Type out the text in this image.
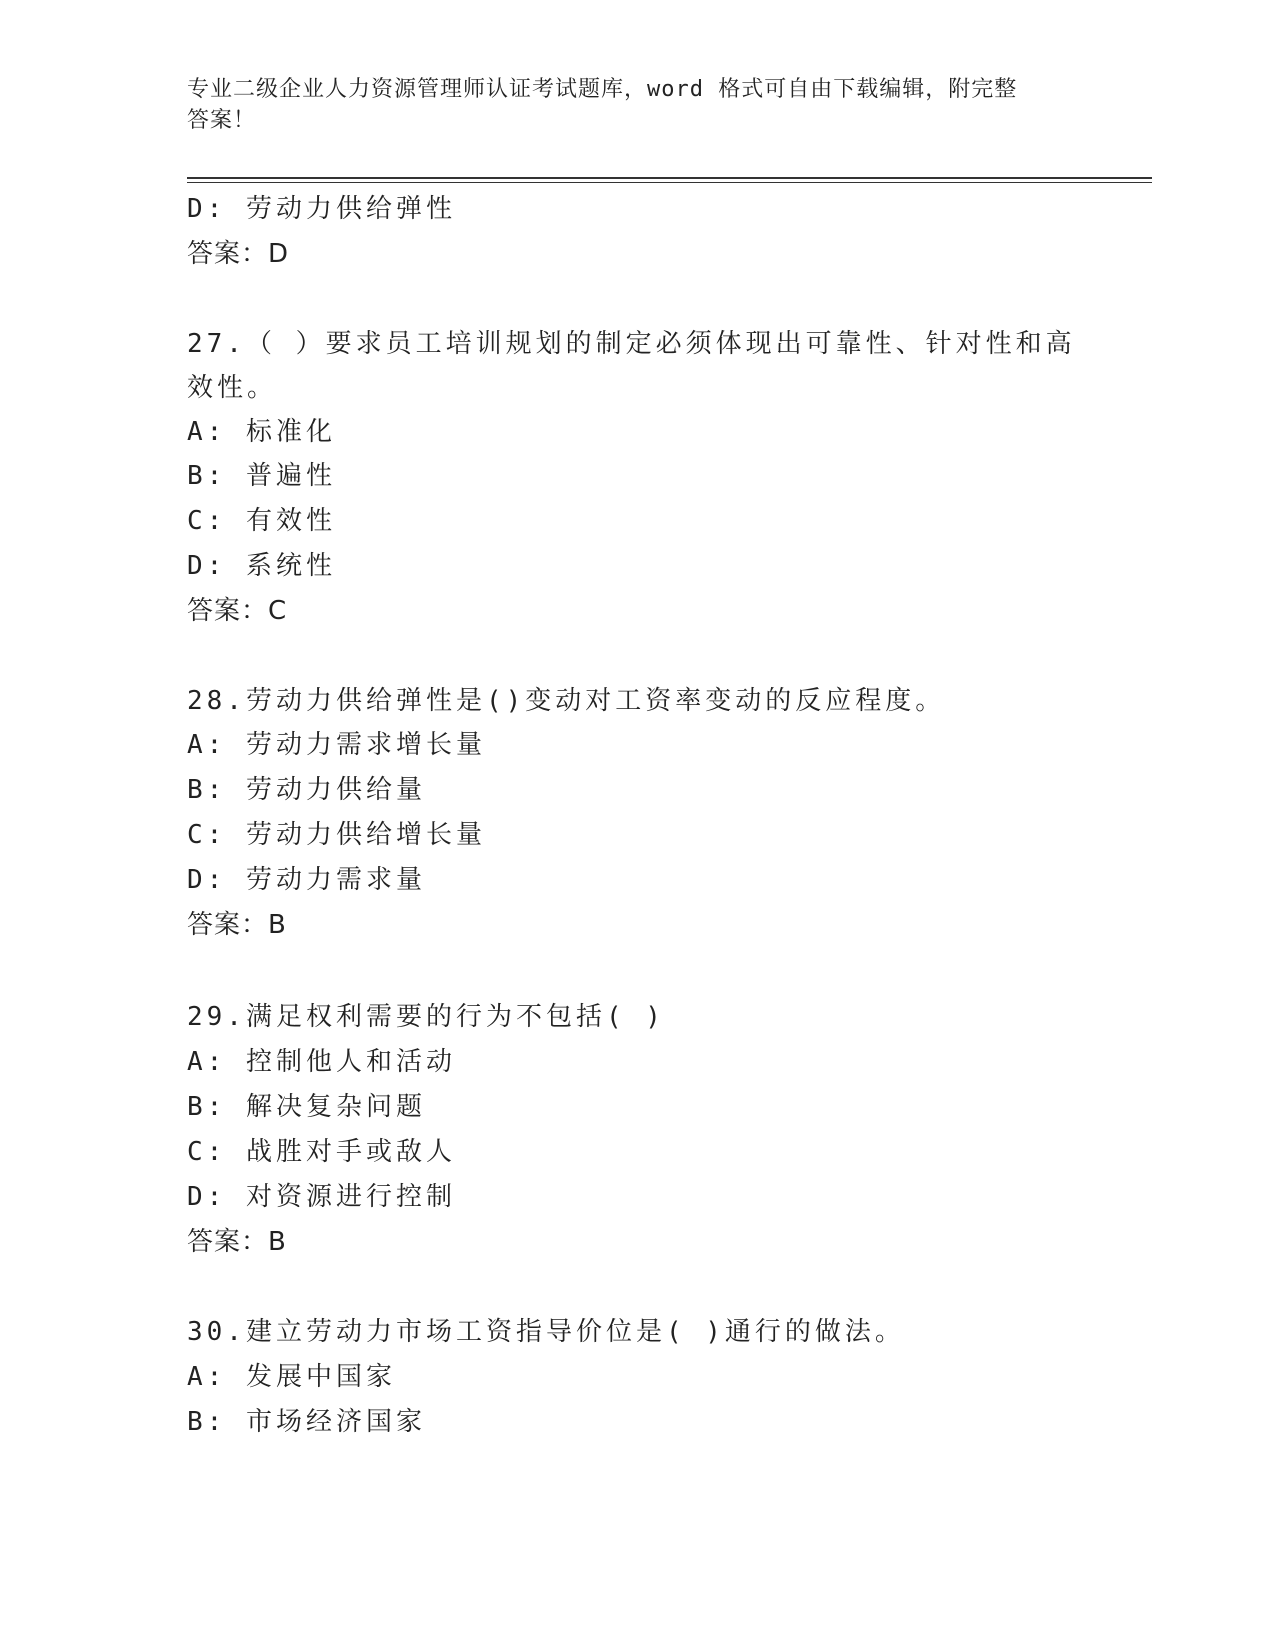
专业二级企业人力资源管理师认证考试题库，word 格式可自由下载编辑，附完整
答案！
D: 劳动力供给弹性
答案：D
27.（ ）要求员工培训规划的制定必须体现出可靠性、针对性和高
效性。
A: 标准化
B: 普遍性
C: 有效性
D: 系统性
答案：C
28.劳动力供给弹性是()变动对工资率变动的反应程度。
A: 劳动力需求增长量
B: 劳动力供给量
C: 劳动力供给增长量
D: 劳动力需求量
答案：B
29.满足权利需要的行为不包括( )
A: 控制他人和活动
B: 解决复杂问题
C: 战胜对手或敌人
D: 对资源进行控制
答案：B
30.建立劳动力市场工资指导价位是( )通行的做法。
A: 发展中国家
B: 市场经济国家
